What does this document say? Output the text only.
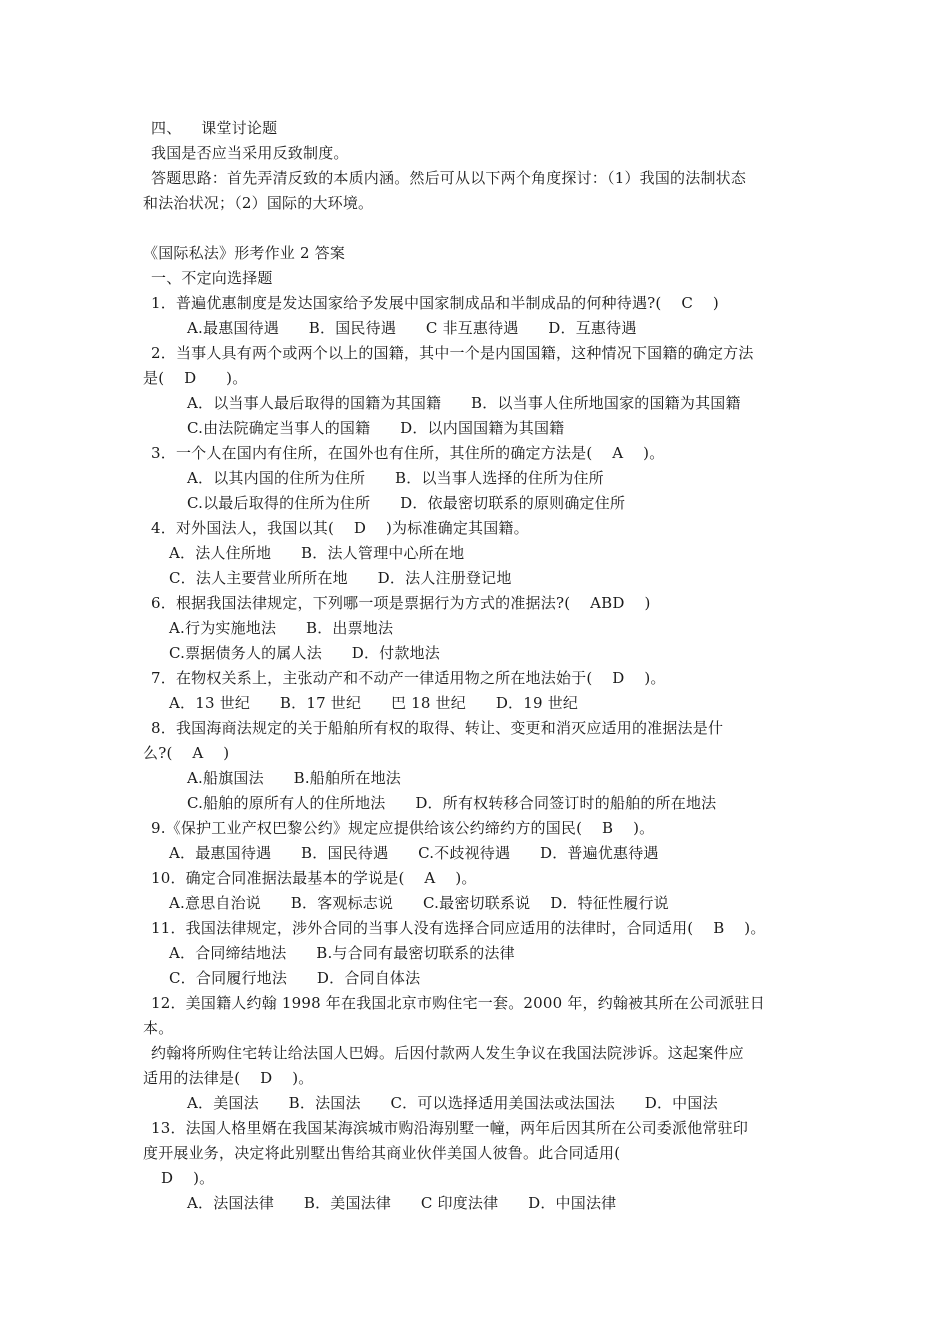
四、    课堂讨论题
我国是否应当采用反致制度。
答题思路：首先弄清反致的本质内涵。然后可从以下两个角度探讨：（1）我国的法制状态
和法治状况；（2）国际的大环境。
《国际私法》形考作业 2 答案
一、不定向选择题
1．普遍优惠制度是发达国家给予发展中国家制成品和半制成品的何种待遇?(    C    )
A.最惠国待遇      B．国民待遇      C 非互惠待遇      D．互惠待遇
2．当事人具有两个或两个以上的国籍，其中一个是内国国籍，这种情况下国籍的确定方法
是(    D      )。
A．以当事人最后取得的国籍为其国籍      B．以当事人住所地国家的国籍为其国籍
C.由法院确定当事人的国籍      D．以内国国籍为其国籍
3．一个人在国内有住所，在国外也有住所，其住所的确定方法是(    A    )。
A．以其内国的住所为住所      B．以当事人选择的住所为住所
C.以最后取得的住所为住所      D．依最密切联系的原则确定住所
4．对外国法人，我国以其(    D    )为标准确定其国籍。
A．法人住所地      B．法人管理中心所在地
C．法人主要营业所所在地      D．法人注册登记地
6．根据我国法律规定，下列哪一项是票据行为方式的准据法?(    ABD    )
A.行为实施地法      B．出票地法
C.票据债务人的属人法      D．付款地法
7．在物权关系上，主张动产和不动产一律适用物之所在地法始于(    D    )。
A．13 世纪      B．17 世纪      巴 18 世纪      D．19 世纪
8．我国海商法规定的关于船舶所有权的取得、转让、变更和消灭应适用的准据法是什
么?(    A    )
A.船旗国法      B.船舶所在地法
C.船舶的原所有人的住所地法      D．所有权转移合同签订时的船舶的所在地法
9.《保护工业产权巴黎公约》规定应提供给该公约缔约方的国民(    B    )。
A．最惠国待遇      B．国民待遇      C.不歧视待遇      D．普遍优惠待遇
10．确定合同准据法最基本的学说是(    A    )。
A.意思自治说      B．客观标志说      C.最密切联系说    D．特征性履行说
11．我国法律规定，涉外合同的当事人没有选择合同应适用的法律时，合同适用(    B    )。
A．合同缔结地法      B.与合同有最密切联系的法律
C．合同履行地法      D．合同自体法
12．美国籍人约翰 1998 年在我国北京市购住宅一套。2000 年，约翰被其所在公司派驻日
本。
约翰将所购住宅转让给法国人巴姆。后因付款两人发生争议在我国法院涉诉。这起案件应
适用的法律是(    D    )。
A．美国法      B．法国法      C．可以选择适用美国法或法国法      D．中国法
13．法国人格里婿在我国某海滨城市购沿海别墅一幢，两年后因其所在公司委派他常驻印
度开展业务，决定将此别墅出售给其商业伙伴美国人彼鲁。此合同适用(
D    )。
A．法国法律      B．美国法律      C 印度法律      D．中国法律
